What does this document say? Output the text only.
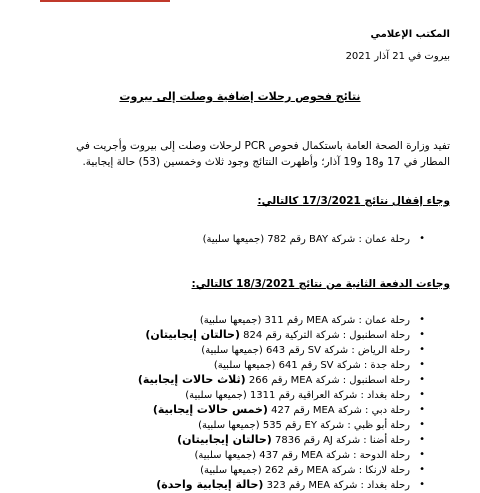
المكتب الإعلامي
بيروت في 21 آذار 2021
نتائج فحوص رحلات إضافية وصلت إلى بيروت
تفيد وزارة الصحة العامة باستكمال فحوص PCR لرحلات وصلت إلى بيروت وأجريت في
المطار في 17 و18 و19 آذار؛ وأظهرت النتائج وجود ثلاث وخمسين (53) حالة إيجابية.
وجاء إقفال نتائج 17/3/2021 كالتالي:
• رحلة عمان : شركة BAY رقم 782 (جميعها سلبية)
وجاءت الدفعة الثانية من نتائج 18/3/2021 كالتالي:
• رحلة عمان : شركة MEA رقم 311 (جميعها سلبية)
• رحلة اسطنبول : شركة التركية رقم 824 (حالتان إيجابيتان)
• رحلة الرياض : شركة SV رقم 643 (جميعها سلبية)
• رحلة جدة : شركة SV رقم 641 (جميعها سلبية)
• رحلة اسطنبول : شركة MEA رقم 266 (ثلاث حالات إيجابية)
• رحلة بغداد : شركة العراقية رقم 1311 (جميعها سلبية)
• رحلة دبي : شركة MEA رقم 427 (خمس حالات إيجابية)
• رحلة أبو ظبي : شركة EY رقم 535 (جميعها سلبية)
• رحلة أضنا : شركة AJ رقم 7836 (حالتان إيجابيتان)
• رحلة الدوحة : شركة MEA رقم 437 (جميعها سلبية)
• رحلة لارنكا : شركة MEA رقم 262 (جميعها سلبية)
• رحلة بغداد : شركة MEA رقم 323 (حالة إيجابية واحدة)
